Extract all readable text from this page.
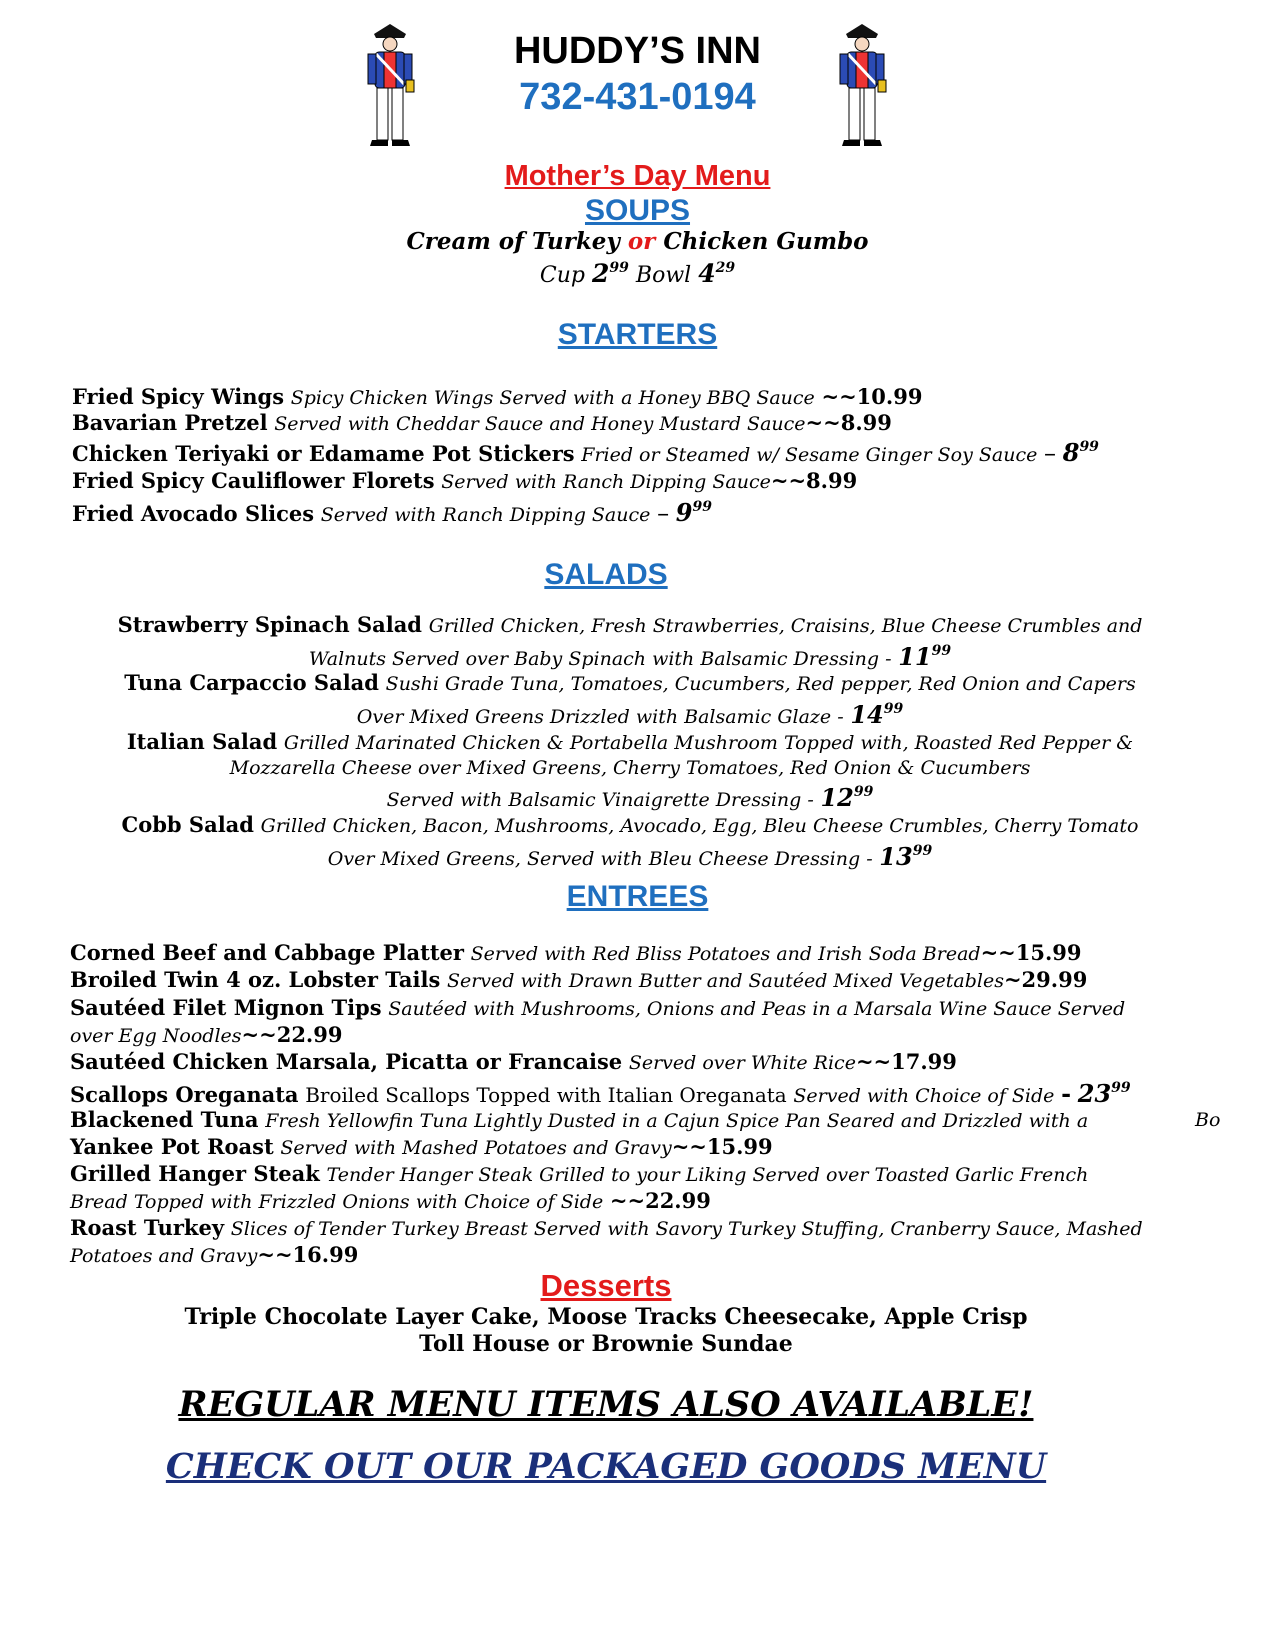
HUDDY’S INN
732-431-0194
Mother’s Day Menu
SOUPS
Cream of Turkey or Chicken Gumbo
Cup $2^{99}$ Bowl $4^{29}$
STARTERS
Fried Spicy Wings Spicy Chicken Wings Served with a Honey BBQ Sauce ~~10.99
Bavarian Pretzel Served with Cheddar Sauce and Honey Mustard Sauce~~8.99
Chicken Teriyaki or Edamame Pot Stickers Fried or Steamed w/ Sesame Ginger Soy Sauce – $8^{99}$
Fried Spicy Cauliflower Florets Served with Ranch Dipping Sauce~~8.99
Fried Avocado Slices Served with Ranch Dipping Sauce – $9^{99}$
SALADS
Strawberry Spinach Salad Grilled Chicken, Fresh Strawberries, Craisins, Blue Cheese Crumbles and
Walnuts Served over Baby Spinach with Balsamic Dressing - $11^{99}$
Tuna Carpaccio Salad Sushi Grade Tuna, Tomatoes, Cucumbers, Red pepper, Red Onion and Capers
Over Mixed Greens Drizzled with Balsamic Glaze - $14^{99}$
Italian Salad Grilled Marinated Chicken & Portabella Mushroom Topped with, Roasted Red Pepper &
Mozzarella Cheese over Mixed Greens, Cherry Tomatoes, Red Onion & Cucumbers
Served with Balsamic Vinaigrette Dressing - $12^{99}$
Cobb Salad Grilled Chicken, Bacon, Mushrooms, Avocado, Egg, Bleu Cheese Crumbles, Cherry Tomato
Over Mixed Greens, Served with Bleu Cheese Dressing - $13^{99}$
ENTREES
Corned Beef and Cabbage Platter Served with Red Bliss Potatoes and Irish Soda Bread~~15.99
Broiled Twin 4 oz. Lobster Tails Served with Drawn Butter and Sautéed Mixed Vegetables~29.99
Sautéed Filet Mignon Tips Sautéed with Mushrooms, Onions and Peas in a Marsala Wine Sauce Served
over Egg Noodles~~22.99
Sautéed Chicken Marsala, Picatta or Francaise Served over White Rice~~17.99
Scallops Oreganata Broiled Scallops Topped with Italian Oreganata Served with Choice of Side - $23^{99}$
Blackened Tuna Fresh Yellowfin Tuna Lightly Dusted in a Cajun Spice Pan Seared and Drizzled with a	Bo
Yankee Pot Roast Served with Mashed Potatoes and Gravy~~15.99
Grilled Hanger Steak Tender Hanger Steak Grilled to your Liking Served over Toasted Garlic French
Bread Topped with Frizzled Onions with Choice of Side ~~22.99
Roast Turkey Slices of Tender Turkey Breast Served with Savory Turkey Stuffing, Cranberry Sauce, Mashed
Potatoes and Gravy~~16.99
Desserts
Triple Chocolate Layer Cake, Moose Tracks Cheesecake, Apple Crisp
Toll House or Brownie Sundae
REGULAR MENU ITEMS ALSO AVAILABLE!
CHECK OUT OUR PACKAGED GOODS MENU
